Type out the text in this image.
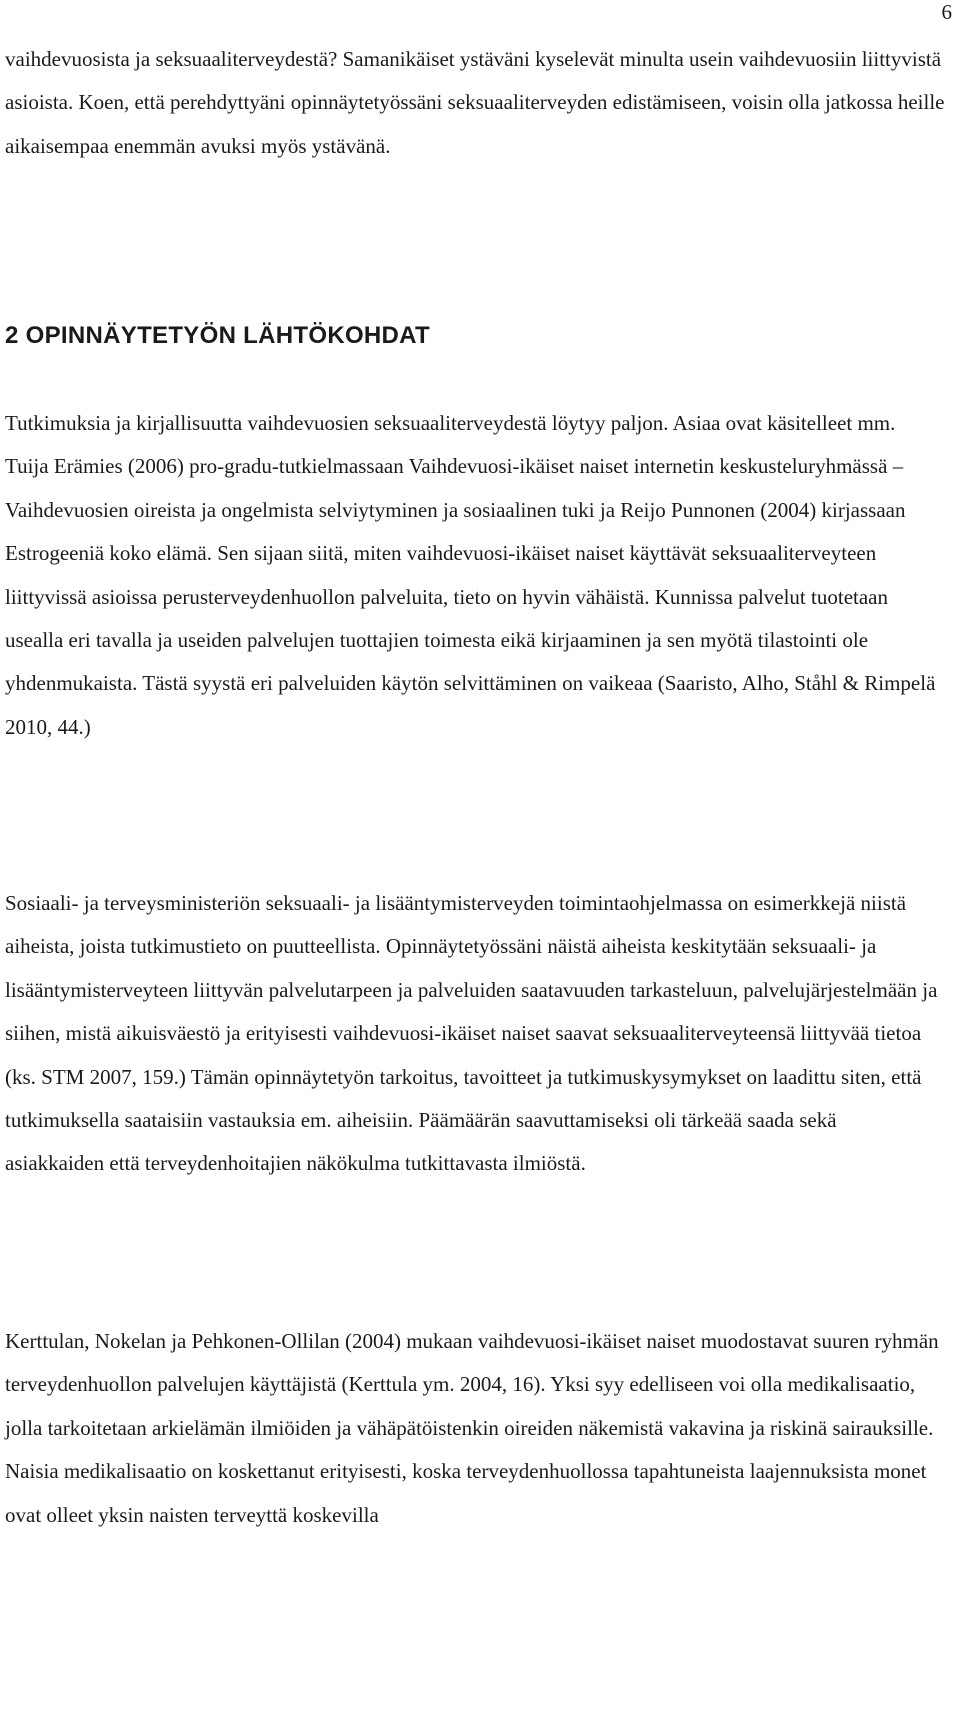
6

vaihdevuosista ja seksuaaliterveydestä? Samanikäiset ystäväni kyselevät minulta usein vaihdevuosiin liittyvistä asioista. Koen, että perehdyttyäni opinnäytetyössäni seksuaaliterveyden edistämiseen, voisin olla jatkossa heille aikaisempaa enemmän avuksi myös ystävänä.

2 OPINNÄYTETYÖN LÄHTÖKOHDAT

Tutkimuksia ja kirjallisuutta vaihdevuosien seksuaaliterveydestä löytyy paljon. Asiaa ovat käsitelleet mm. Tuija Erämies (2006) pro-gradu-tutkielmassaan Vaihdevuosi-ikäiset naiset internetin keskusteluryhmässä – Vaihdevuosien oireista ja ongelmista selviytyminen ja sosiaalinen tuki ja Reijo Punnonen (2004) kirjassaan Estrogeeniä koko elämä. Sen sijaan siitä, miten vaihdevuosi-ikäiset naiset käyttävät seksuaaliterveyteen liittyvissä asioissa perusterveydenhuollon palveluita, tieto on hyvin vähäistä. Kunnissa palvelut tuotetaan usealla eri tavalla ja useiden palvelujen tuottajien toimesta eikä kirjaaminen ja sen myötä tilastointi ole yhdenmukaista. Tästä syystä eri palveluiden käytön selvittäminen on vaikeaa (Saaristo, Alho, Ståhl & Rimpelä 2010, 44.)

Sosiaali- ja terveysministeriön seksuaali- ja lisääntymisterveyden toimintaohjelmassa on esimerkkejä niistä aiheista, joista tutkimustieto on puutteellista. Opinnäytetyössäni näistä aiheista keskitytään seksuaali- ja lisääntymisterveyteen liittyvän palvelutarpeen ja palveluiden saatavuuden tarkasteluun, palvelujärjestelmään ja siihen, mistä aikuisväestö ja erityisesti vaihdevuosi-ikäiset naiset saavat seksuaaliterveyteensä liittyvää tietoa (ks. STM 2007, 159.) Tämän opinnäytetyön tarkoitus, tavoitteet ja tutkimuskysymykset on laadittu siten, että tutkimuksella saataisiin vastauksia em. aiheisiin. Päämäärän saavuttamiseksi oli tärkeää saada sekä asiakkaiden että terveydenhoitajien näkökulma tutkittavasta ilmiöstä.

Kerttulan, Nokelan ja Pehkonen-Ollilan (2004) mukaan vaihdevuosi-ikäiset naiset muodostavat suuren ryhmän terveydenhuollon palvelujen käyttäjistä (Kerttula ym. 2004, 16). Yksi syy edelliseen voi olla medikalisaatio, jolla tarkoitetaan arkielämän ilmiöiden ja vähäpätöistenkin oireiden näkemistä vakavina ja riskinä sairauksille. Naisia medikalisaatio on koskettanut erityisesti, koska terveydenhuollossa tapahtuneista laajennuksista monet ovat olleet yksin naisten terveyttä koskevilla
